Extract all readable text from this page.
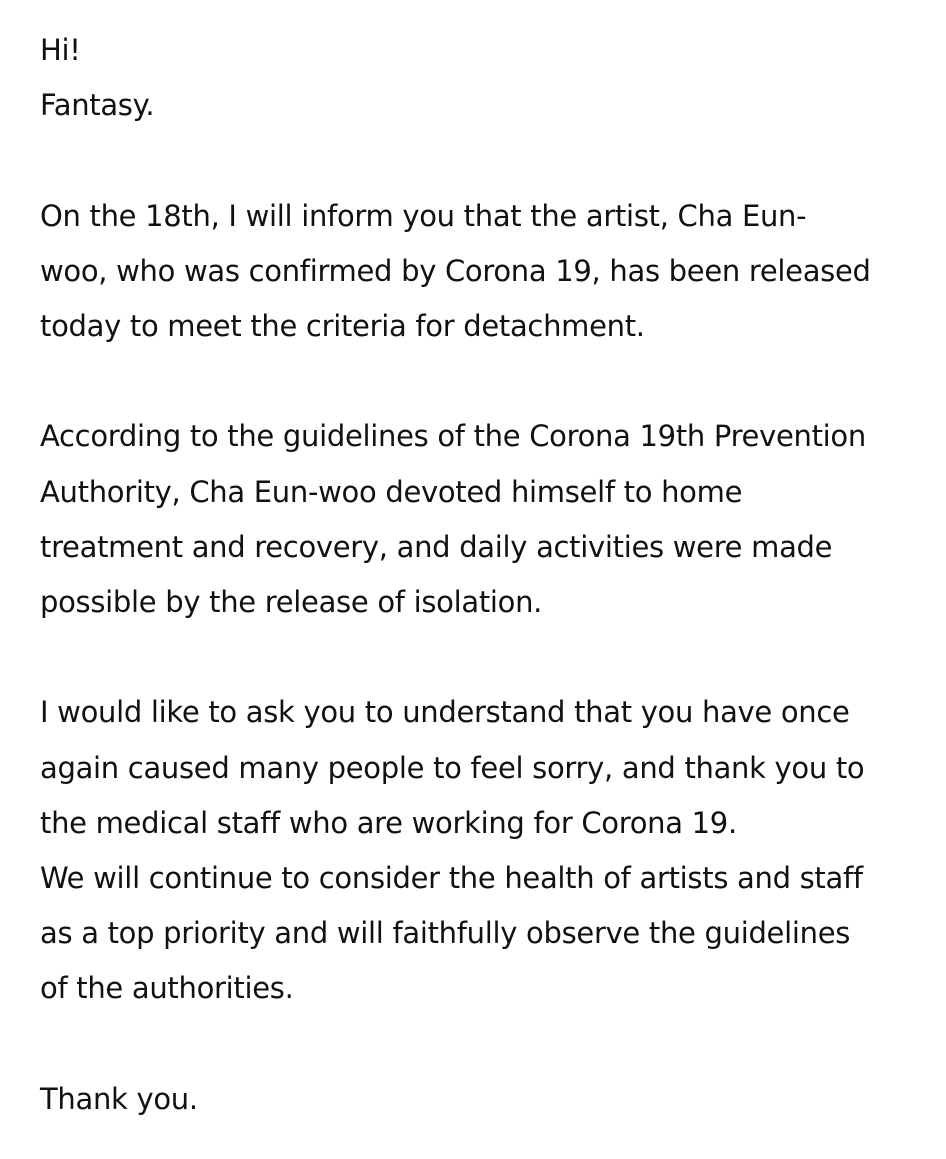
Hi!
Fantasy.
On the 18th, I will inform you that the artist, Cha Eun-
woo, who was confirmed by Corona 19, has been released
today to meet the criteria for detachment.
According to the guidelines of the Corona 19th Prevention
Authority, Cha Eun-woo devoted himself to home
treatment and recovery, and daily activities were made
possible by the release of isolation.
I would like to ask you to understand that you have once
again caused many people to feel sorry, and thank you to
the medical staff who are working for Corona 19.
We will continue to consider the health of artists and staff
as a top priority and will faithfully observe the guidelines
of the authorities.
Thank you.
